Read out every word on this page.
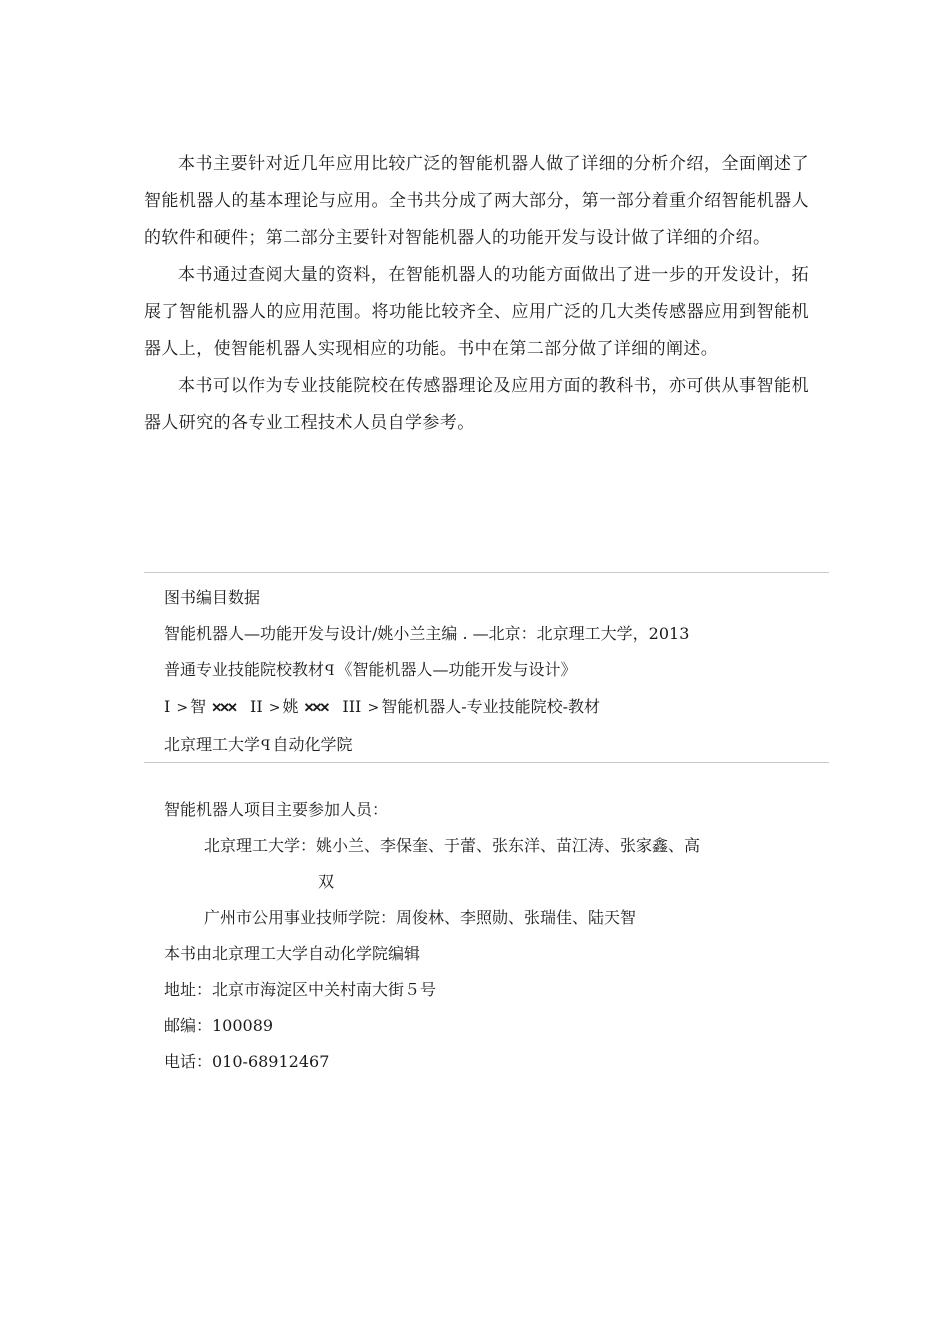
本书主要针对近几年应用比较广泛的智能机器人做了详细的分析介绍，全面阐述了智能机器人的基本理论与应用。全书共分成了两大部分，第一部分着重介绍智能机器人的软件和硬件；第二部分主要针对智能机器人的功能开发与设计做了详细的介绍。

本书通过查阅大量的资料，在智能机器人的功能方面做出了进一步的开发设计，拓展了智能机器人的应用范围。将功能比较齐全、应用广泛的几大类传感器应用到智能机器人上，使智能机器人实现相应的功能。书中在第二部分做了详细的阐述。

本书可以作为专业技能院校在传感器理论及应用方面的教科书，亦可供从事智能机器人研究的各专业工程技术人员自学参考。

图书编目数据
智能机器人—功能开发与设计/姚小兰主编 . —北京：北京理工大学，2013
普通专业技能院校教材ꟼ 《智能机器人—功能开发与设计》
I > 智 ✕✕✕ II > 姚 ✕✕✕ III > 智能机器人-专业技能院校-教材
北京理工大学ꟼ 自动化学院
智能机器人项目主要参加人员：
北京理工大学：姚小兰、李保奎、于蕾、张东洋、苗江涛、张家鑫、高
双
广州市公用事业技师学院：周俊林、李照勋、张瑞佳、陆天智
本书由北京理工大学自动化学院编辑
地址：北京市海淀区中关村南大街５号
邮编：100089
电话：010-68912467
